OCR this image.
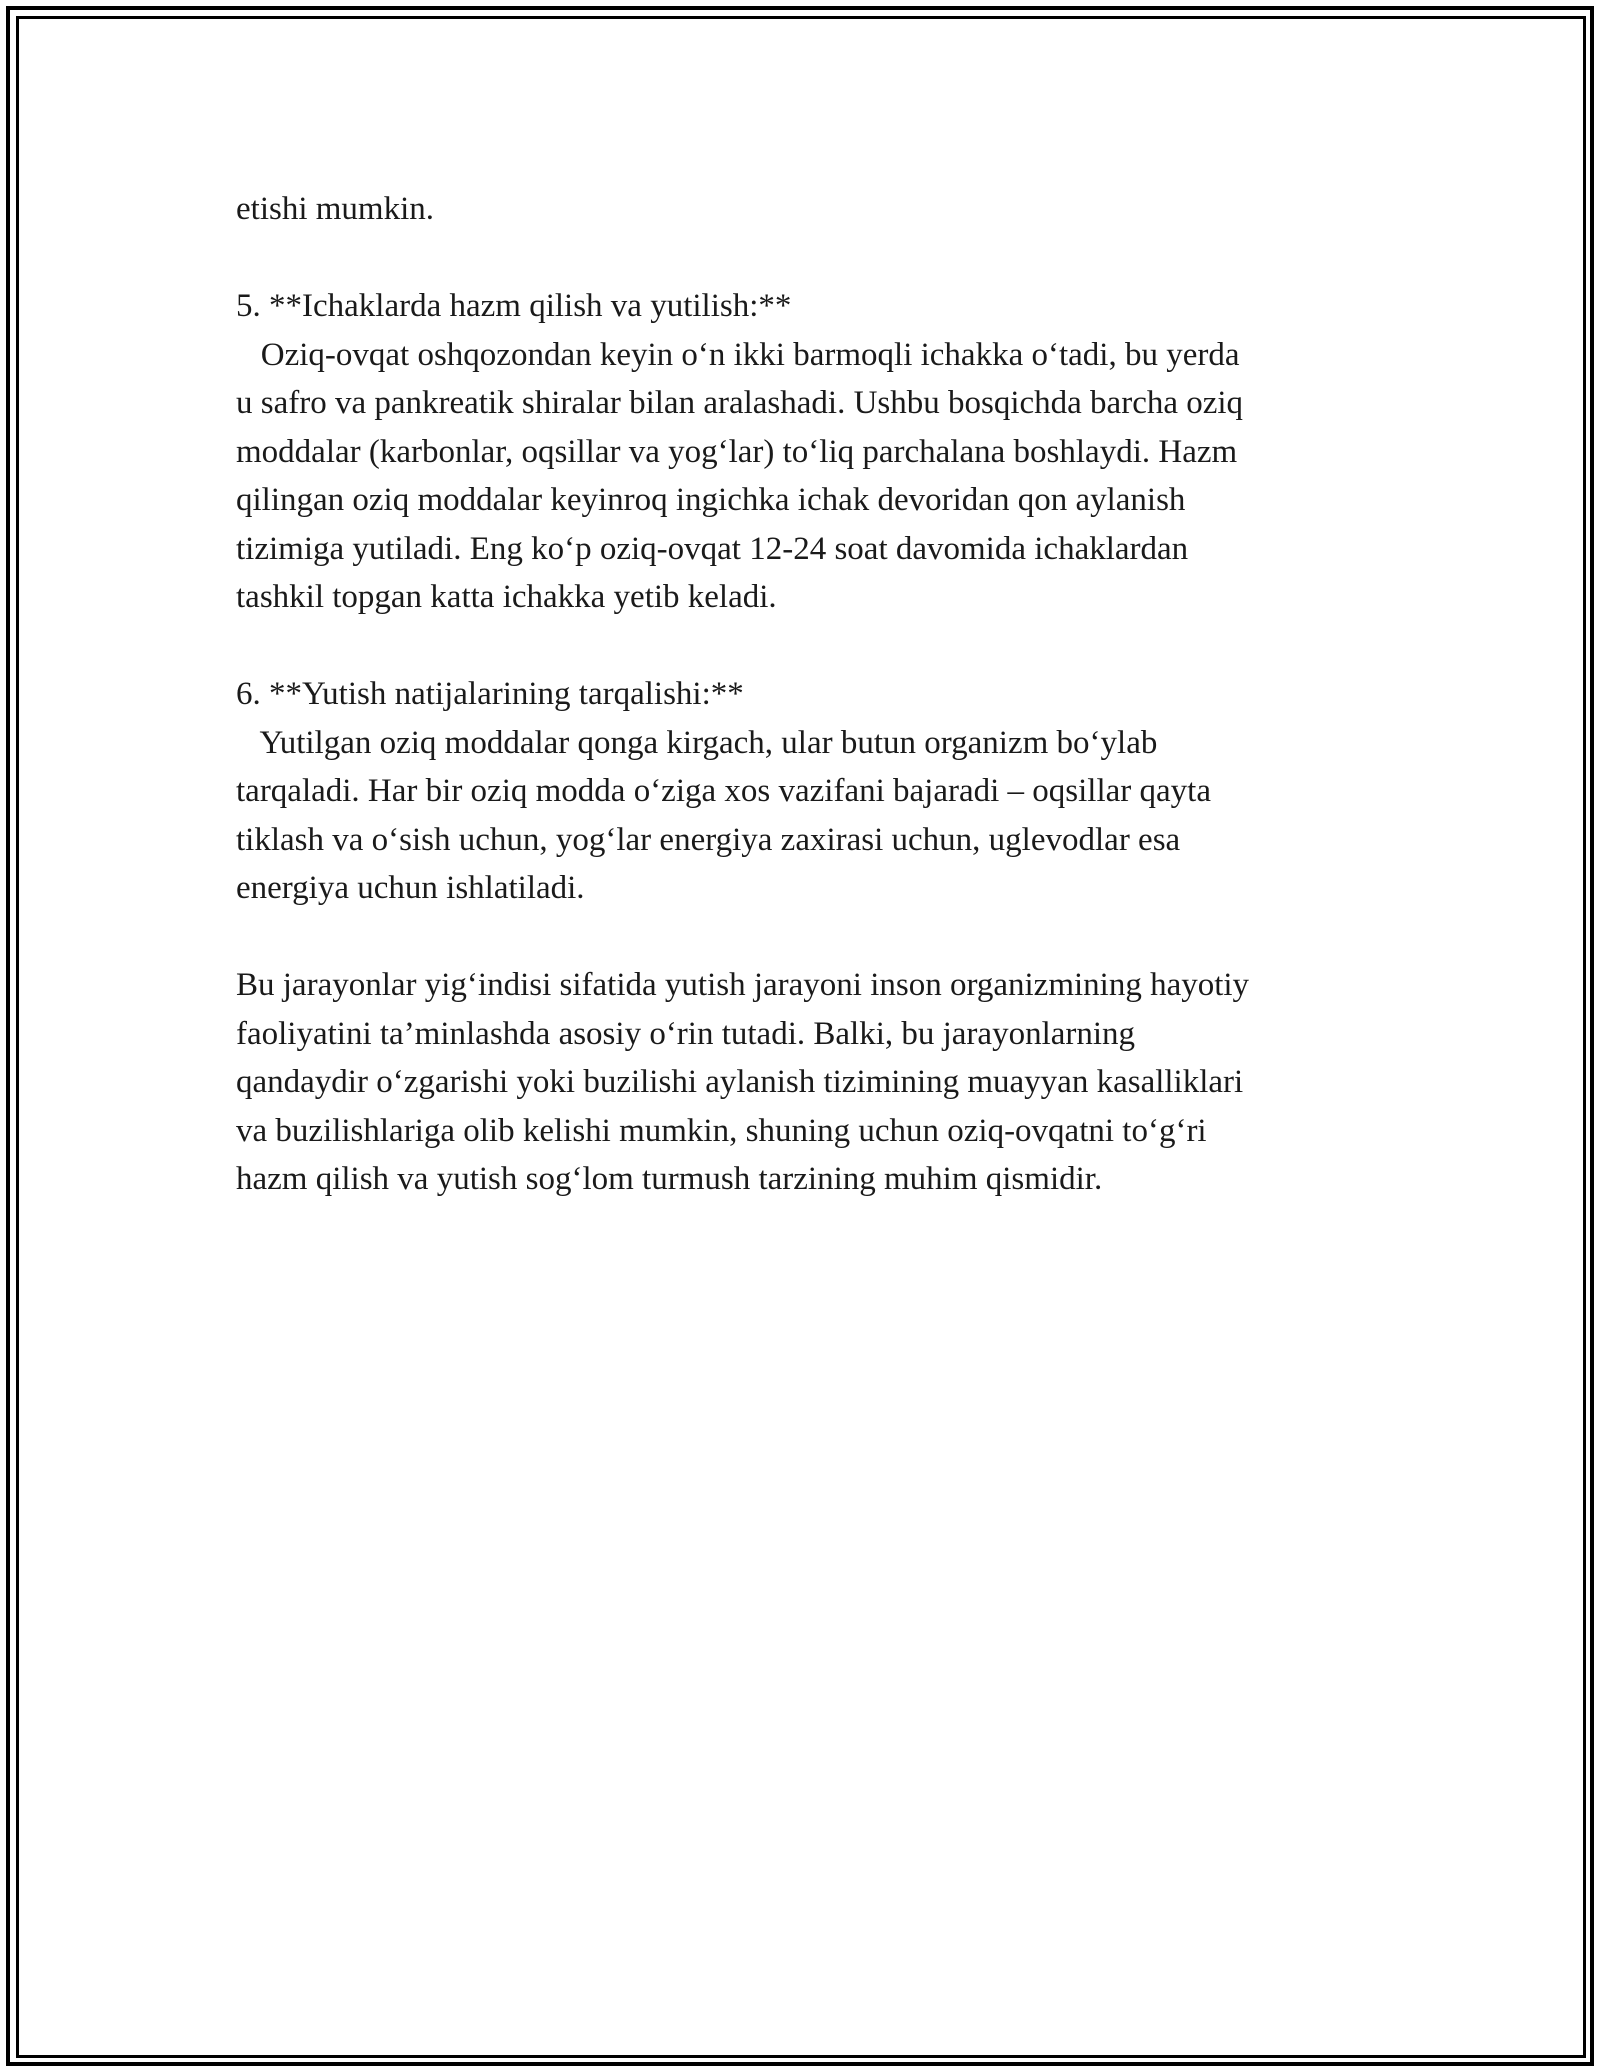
etishi mumkin.
5. **Ichaklarda hazm qilish va yutilish:**
Oziq-ovqat oshqozondan keyin o‘n ikki barmoqli ichakka o‘tadi, bu yerda
u safro va pankreatik shiralar bilan aralashadi. Ushbu bosqichda barcha oziq
moddalar (karbonlar, oqsillar va yog‘lar) to‘liq parchalana boshlaydi. Hazm
qilingan oziq moddalar keyinroq ingichka ichak devoridan qon aylanish
tizimiga yutiladi. Eng ko‘p oziq-ovqat 12-24 soat davomida ichaklardan
tashkil topgan katta ichakka yetib keladi.
6. **Yutish natijalarining tarqalishi:**
Yutilgan oziq moddalar qonga kirgach, ular butun organizm bo‘ylab
tarqaladi. Har bir oziq modda o‘ziga xos vazifani bajaradi – oqsillar qayta
tiklash va o‘sish uchun, yog‘lar energiya zaxirasi uchun, uglevodlar esa
energiya uchun ishlatiladi.
Bu jarayonlar yig‘indisi sifatida yutish jarayoni inson organizmining hayotiy
faoliyatini ta’minlashda asosiy o‘rin tutadi. Balki, bu jarayonlarning
qandaydir o‘zgarishi yoki buzilishi aylanish tizimining muayyan kasalliklari
va buzilishlariga olib kelishi mumkin, shuning uchun oziq-ovqatni to‘g‘ri
hazm qilish va yutish sog‘lom turmush tarzining muhim qismidir.
